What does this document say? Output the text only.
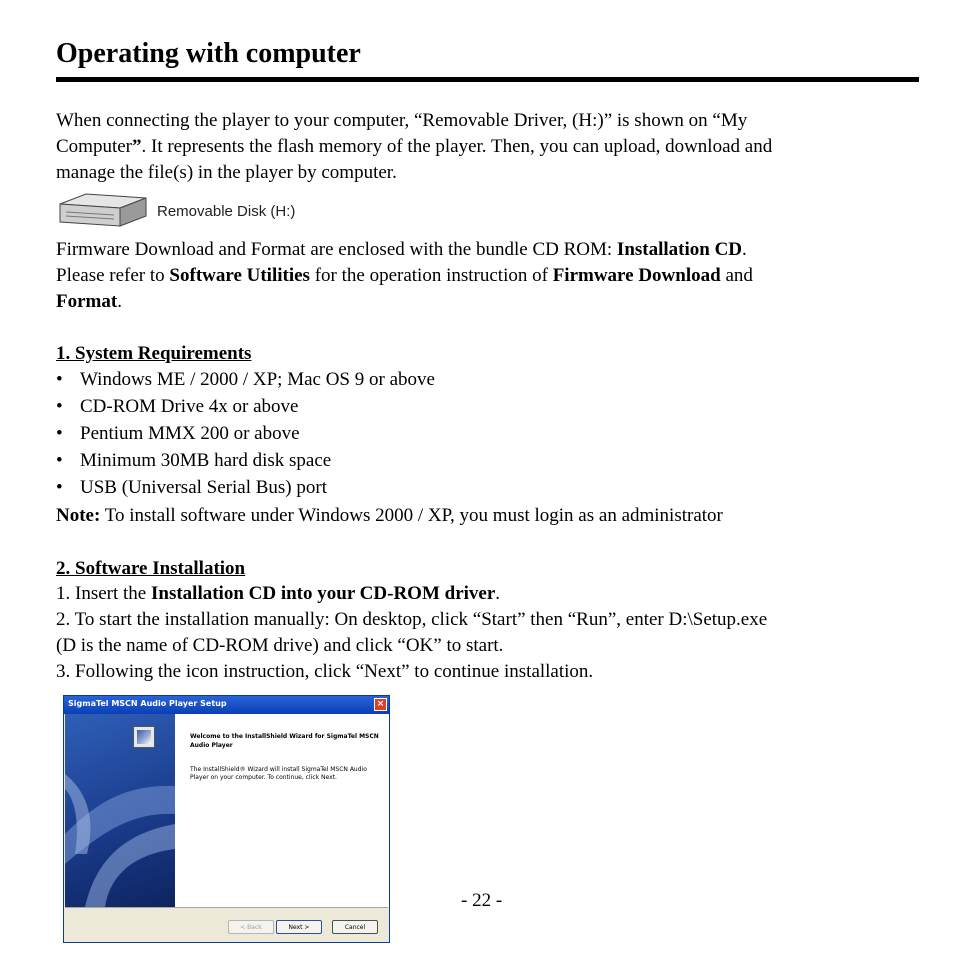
Operating with computer
When connecting the player to your computer, “Removable Driver, (H:)” is shown on “My
Computer”. It represents the flash memory of the player. Then, you can upload, download and
manage the file(s) in the player by computer.
Removable Disk (H:)
Firmware Download and Format are enclosed with the bundle CD ROM: Installation CD.
Please refer to Software Utilities for the operation instruction of Firmware Download and
Format.
1. System Requirements
• Windows ME / 2000 / XP; Mac OS 9 or above
• CD-ROM Drive 4x or above
• Pentium MMX 200 or above
• Minimum 30MB hard disk space
• USB (Universal Serial Bus) port
Note: To install software under Windows 2000 / XP, you must login as an administrator
2. Software Installation
1. Insert the Installation CD into your CD-ROM driver.
2. To start the installation manually: On desktop, click “Start” then “Run”, enter D:\Setup.exe
(D is the name of CD-ROM drive) and click “OK” to start.
3. Following the icon instruction, click “Next” to continue installation.
SigmaTel MSCN Audio Player Setup	×
Welcome to the InstallShield Wizard for SigmaTel MSCN Audio Player
The InstallShield® Wizard will install SigmaTel MSCN Audio Player on your computer. To continue, click Next.
< Back	Next >	Cancel
- 22 -
